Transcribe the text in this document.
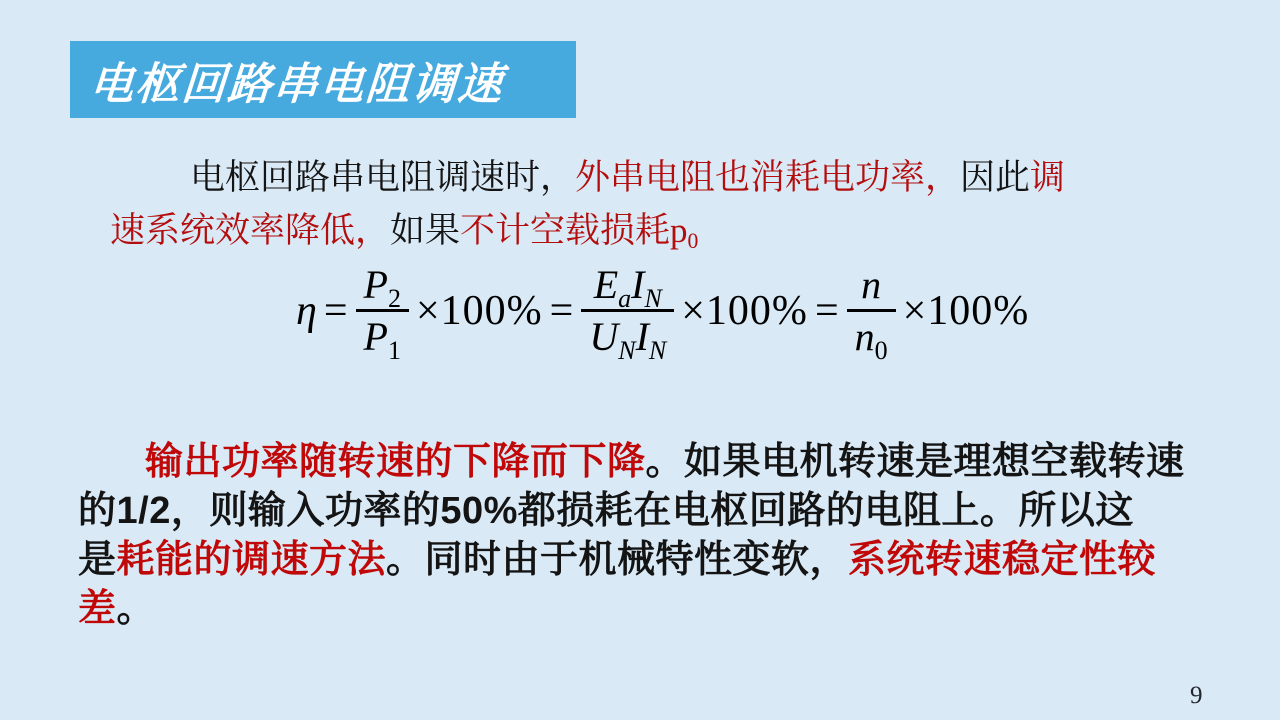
电枢回路串电阻调速
电枢回路串电阻调速时， 外串电阻也消耗电功率， 因此 调
速系统效率降低， 如果 不计空载损耗p 0
$\eta = \frac{P 2}{P 1} \times 100\% = \frac{\text{E a I N}}{\text{U N I N}} \times 100\% = \frac{n}{n 0} \times 100\%$
输出功率随转速的下降而下降 。如果电机转速是理想空载转速
的1/2，则输入功率的50%都损耗在电枢回路的电阻上。所以这
是 耗能的调速方法 。同时由于机械特性变软， 系统转速稳定性较
差 。
9
